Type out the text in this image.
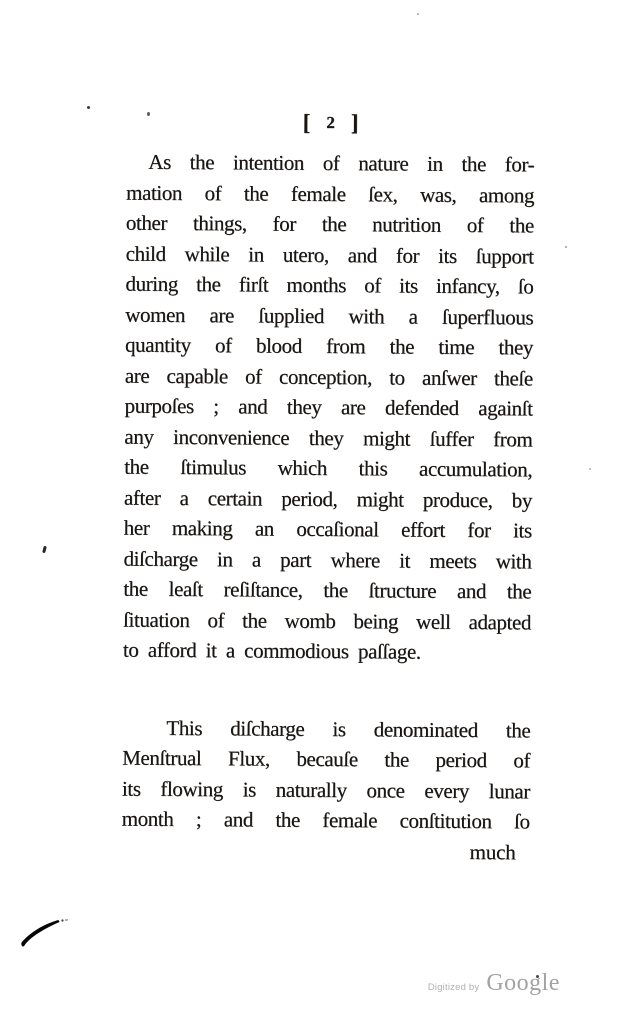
[ 2 ]
As the intention of nature in the for-
mation of the female ſex, was, among
other things, for the nutrition of the
child while in utero, and for its ſupport
during the firſt months of its infancy, ſo
women are ſupplied with a ſuperfluous
quantity of blood from the time they
are capable of conception, to anſwer theſe
purpoſes ; and they are defended againſt
any inconvenience they might ſuffer from
the ſtimulus which this accumulation,
after a certain period, might produce, by
her making an occaſional effort for its
diſcharge in a part where it meets with
the leaſt reſiſtance, the ſtructure and the
ſituation of the womb being well adapted
to afford it a commodious paſſage.
This diſcharge is denominated the
Menſtrual Flux, becauſe the period of
its flowing is naturally once every lunar
month ; and the female conſtitution ſo
much
Digitized by Google
